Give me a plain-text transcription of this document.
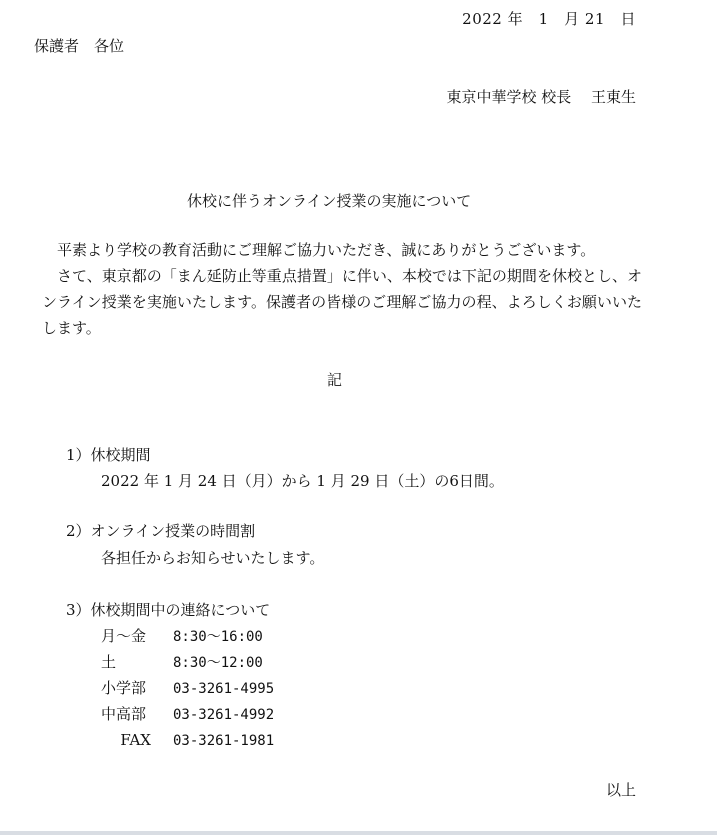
2022 年　1　月 21　日
保護者　各位
東京中華学校 校長　 王東生
休校に伴うオンライン授業の実施について
　平素より学校の教育活動にご理解ご協力いただき、誠にありがとうございます。
　さて、東京都の「まん延防止等重点措置」に伴い、本校では下記の期間を休校とし、オンライン授業を実施いたします。保護者の皆様のご理解ご協力の程、よろしくお願いいたします。
記
1）休校期間
2022 年 1 月 24 日（月）から 1 月 29 日（土）の6日間。
2）オンライン授業の時間割
各担任からお知らせいたします。
3）休校期間中の連絡について
月～金 8:30～16:00
土	8:30～12:00
小学部 03-3261-4995
中高部 03-3261-4992
FAX 03-3261-1981
以上
